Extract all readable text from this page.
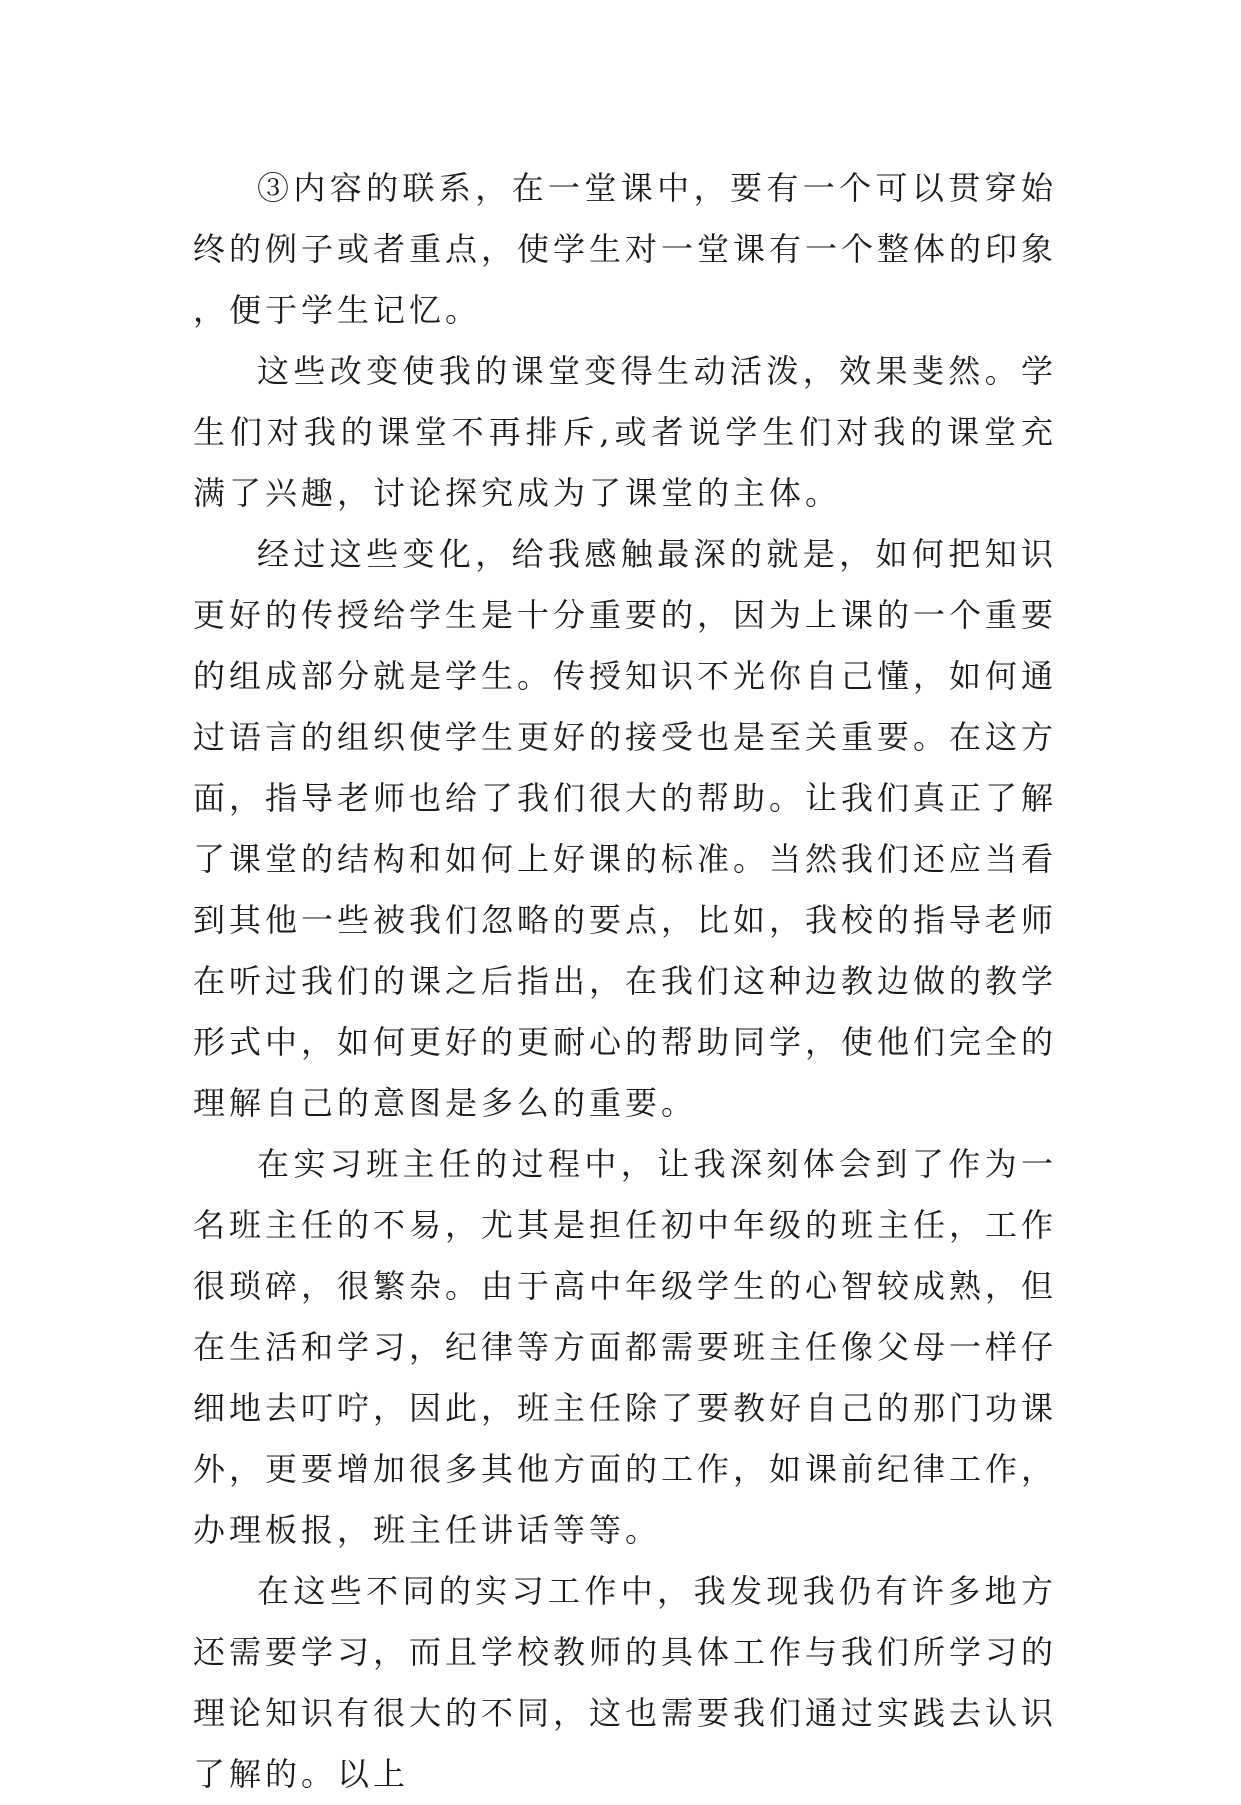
③内容的联系，在一堂课中，要有一个可以贯穿始终的例子或者重点，使学生对一堂课有一个整体的印象，便于学生记忆。

这些改变使我的课堂变得生动活泼，效果斐然。学生们对我的课堂不再排斥,或者说学生们对我的课堂充满了兴趣，讨论探究成为了课堂的主体。

经过这些变化，给我感触最深的就是，如何把知识更好的传授给学生是十分重要的，因为上课的一个重要的组成部分就是学生。传授知识不光你自己懂，如何通过语言的组织使学生更好的接受也是至关重要。在这方面，指导老师也给了我们很大的帮助。让我们真正了解了课堂的结构和如何上好课的标准。当然我们还应当看到其他一些被我们忽略的要点，比如，我校的指导老师在听过我们的课之后指出，在我们这种边教边做的教学形式中，如何更好的更耐心的帮助同学，使他们完全的理解自己的意图是多么的重要。

在实习班主任的过程中，让我深刻体会到了作为一名班主任的不易，尤其是担任初中年级的班主任，工作很琐碎，很繁杂。由于高中年级学生的心智较成熟，但在生活和学习，纪律等方面都需要班主任像父母一样仔细地去叮咛，因此，班主任除了要教好自己的那门功课外，更要增加很多其他方面的工作，如课前纪律工作，办理板报，班主任讲话等等。

在这些不同的实习工作中，我发现我仍有许多地方还需要学习，而且学校教师的具体工作与我们所学习的理论知识有很大的不同，这也需要我们通过实践去认识了解的。以上
